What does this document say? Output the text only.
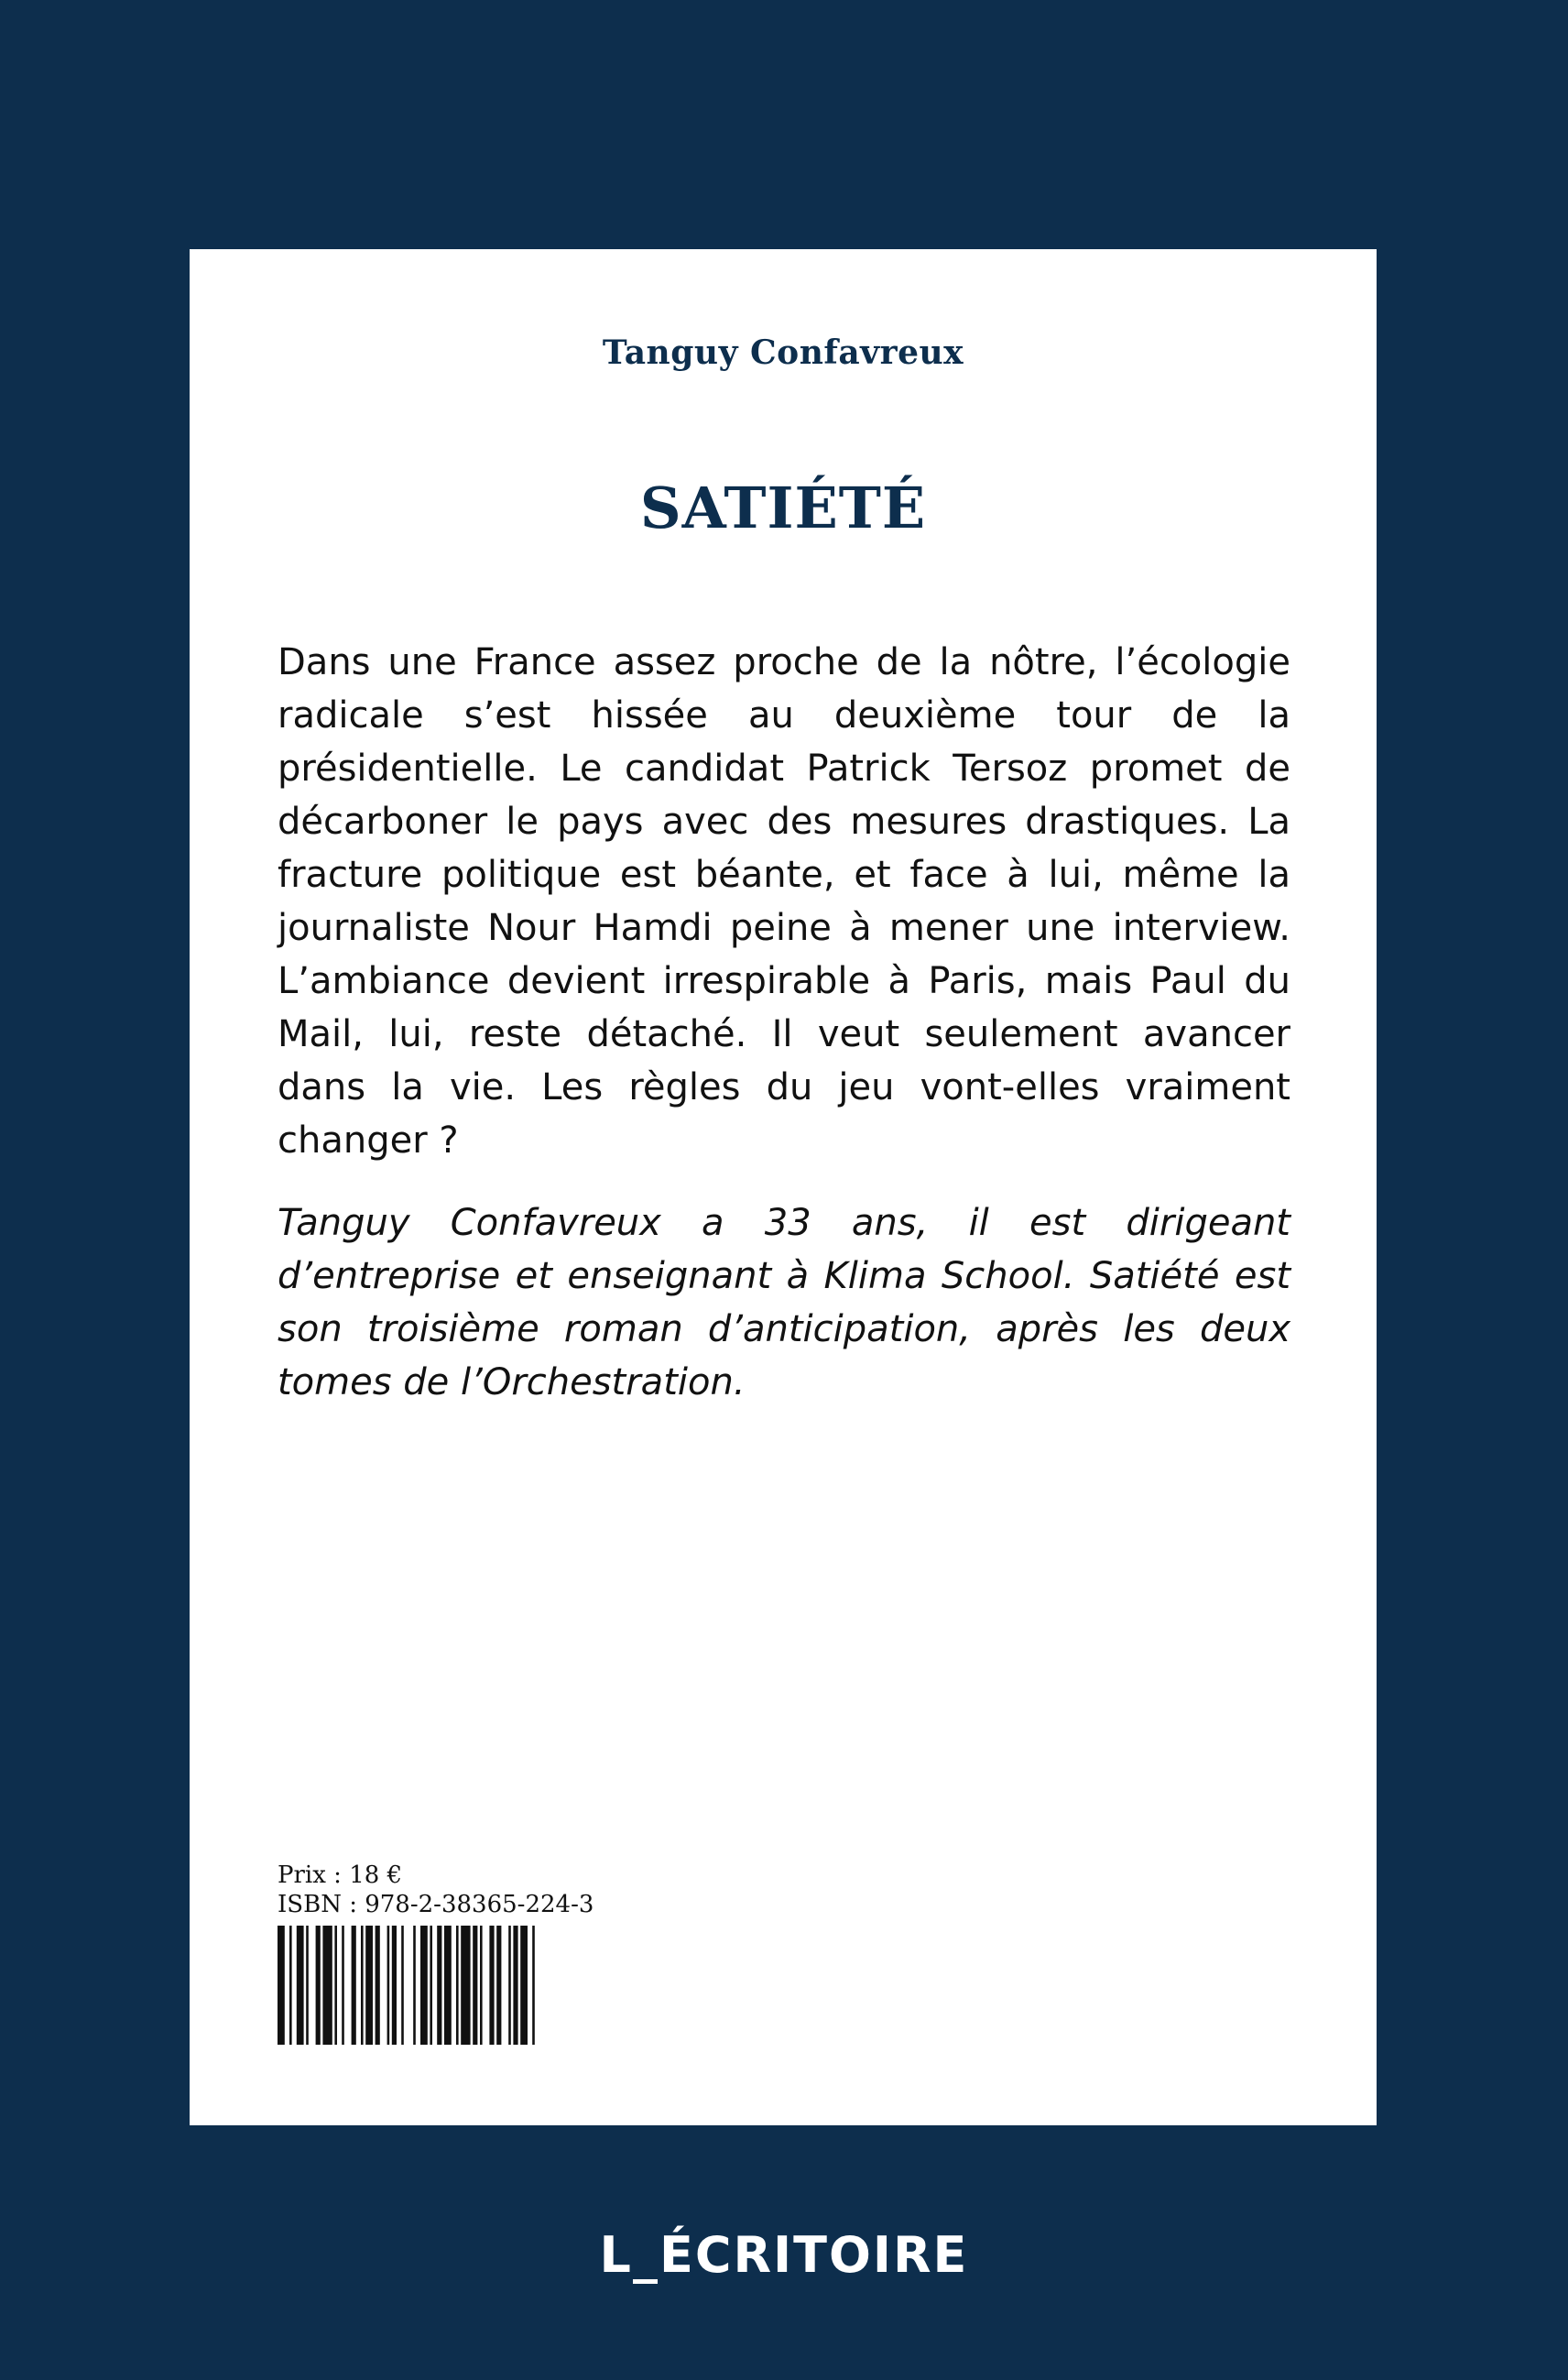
Tanguy Confavreux
SATIÉTÉ
Dans une France assez proche de la nôtre, l’écologie radicale s’est hissée au deuxième tour de la présidentielle. Le candidat Patrick Tersoz promet de décarboner le pays avec des mesures drastiques. La fracture politique est béante, et face à lui, même la journaliste Nour Hamdi peine à mener une interview. L’ambiance devient irrespirable à Paris, mais Paul du Mail, lui, reste détaché. Il veut seulement avancer dans la vie. Les règles du jeu vont-elles vraiment changer ?
Tanguy Confavreux a 33 ans, il est dirigeant d’entreprise et enseignant à Klima School. Satiété est son troisième roman d’anticipation, après les deux tomes de l’Orchestration.
Prix : 18 €
ISBN : 978-2-38365-224-3
L_ÉCRITOIRE
